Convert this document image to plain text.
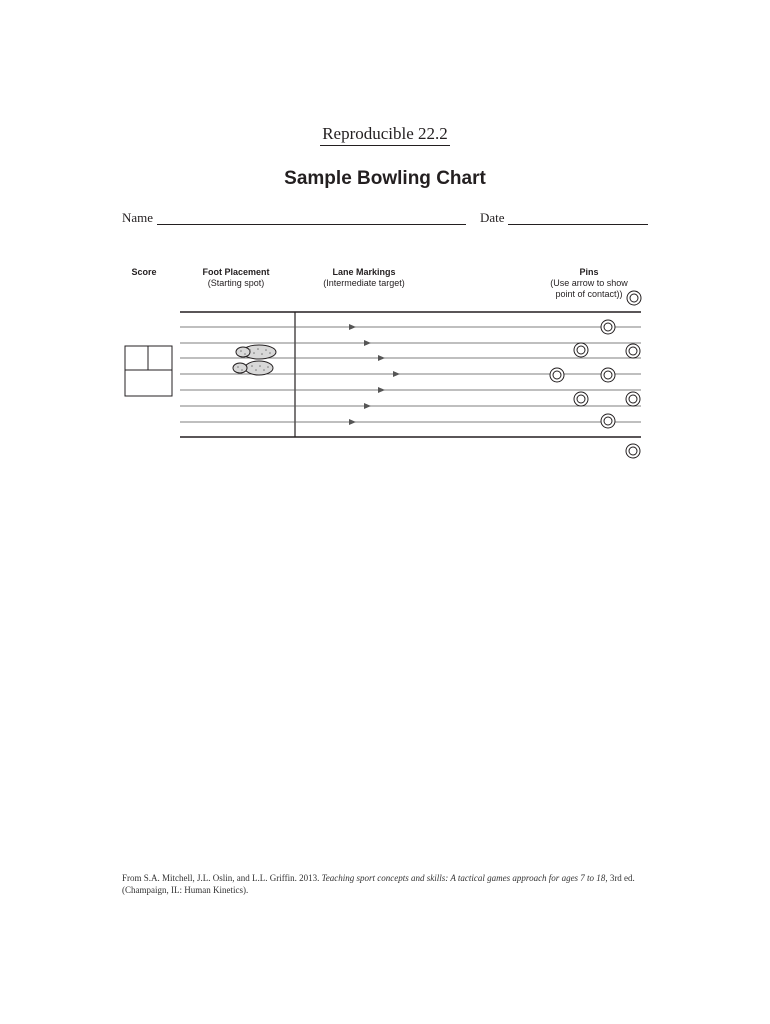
Reproducible 22.2
Sample Bowling Chart
Name	Date
Score	Foot Placement
(Starting spot)
Lane Markings
(Intermediate target)
Pins
(Use arrow to show
point of contact))
From S.A. Mitchell, J.L. Oslin, and L.L. Griffin. 2013. Teaching sport concepts and skills: A tactical games approach for ages 7 to 18, 3rd ed.
(Champaign, IL: Human Kinetics).
